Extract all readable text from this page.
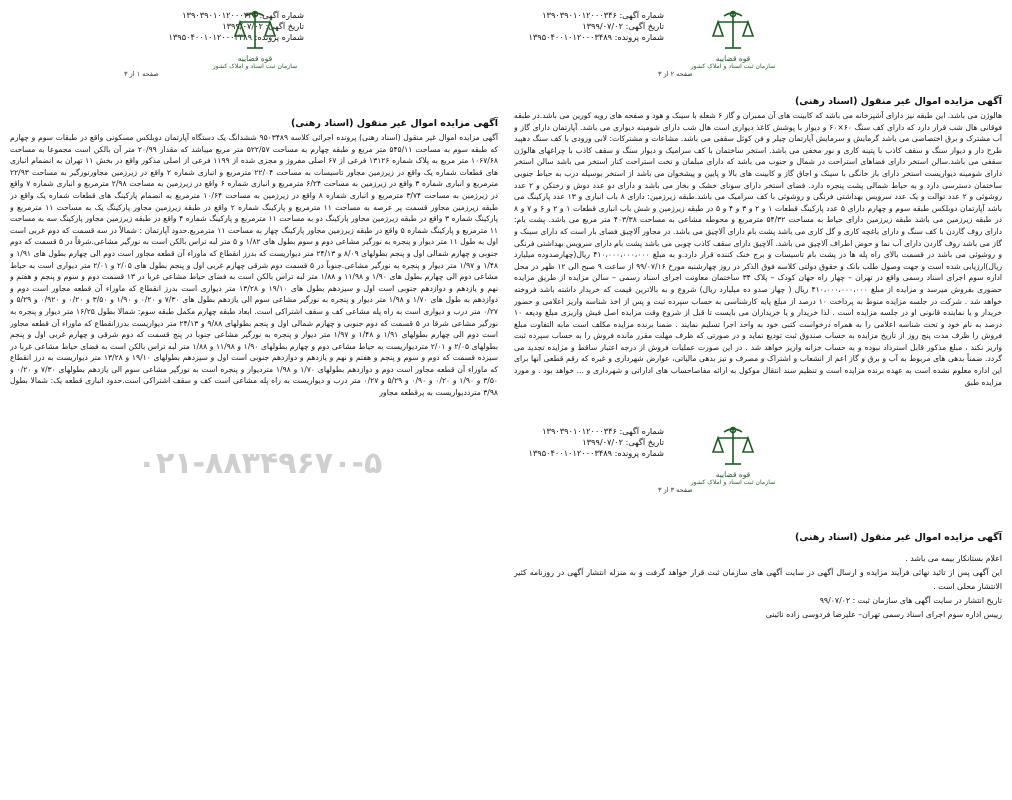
شماره آگهی: ۱۳۹۰۳۹۰۱۰۱۲۰۰۰۳۴۶
تاریخ آگهی: ۱۳۹۹/۰۷/۰۲
شماره پرونده: ۱۳۹۵۰۴۰۰۱۰۱۲۰۰۰۳۴۸۹
قوه قضاییه
سازمان ثبت اسناد و املاک کشور
صفحه ۲ از ۳
آگهی مزایده اموال غیر منقول (اسناد رهنی)
هالوژن می باشد. این طبقه نیز دارای آشپزخانه می باشد که کابینت های آن ممبران و گاز ۶ شعله با سینک و هود و صفحه های رویه کورین می باشد.در طبقه فوقانی هال شب قرار دارد که دارای کف سنگ ۶۰×۶۰ و دیوار با پوشش کاغذ دیواری است هال شب دارای شومینه دیواری می باشد. آپارتمان دارای گاز و آب مشترک و برق اختصاصی می باشد گرمایش و سرمایش آپارتمان چیلر و فن کوئل سقفی می باشد. مشاعات و مشترکات: لابی ورودی با کف سنگ دهپید طرح دار و دیوار سنگ و سقف کاذب با پتینه کاری و نور مخفی می باشد. استخر ساختمان با کف سرامیک و دیوار سنگ و سقف کاذب با چراغهای هالوژن سقفی می باشد.سالن استخر دارای فضاهای استراحت در شمال و جنوب می باشد که دارای مبلمان و تخت استراحت کنار استخر می باشد سالن استخر دارای شومینه دیواریست استخر دارای بار خانگی با سینک و اجاق گاز و کابینت های بالا و پایین و پیشخوان می باشد از استخر بوسیله درب به حیاط جنوبی ساختمان دسترسی دارد و به حیاط شمالی پشت پنجره دارد. فضای استخر دارای سونای خشک و بخار می باشد و دارای دو عدد دوش و رختکن و ۲ عدد روشوئی و ۲ عدد توالت و یک عدد سرویس بهداشتی فرنگی و روشوئی با کف سرامیک می باشد.طبقه زیرزمین: دارای ۸ باب انباری و ۱۳ عدد پارکینگ می باشد آپارتمان دوبلکس طبقه سوم و چهارم دارای ۵ عدد پارکینگ قطعات ۱ و ۲ و ۳ و ۴ و ۵ در طبقه زیرزمین و شش باب انباری قطعات ۱ و ۲ و ۶ و ۷ و ۸ در طبقه زیرزمین می باشد طبقه زیرزمین دارای حیاط به مساحت ۵۴/۳۲ مترمربع و محوطه مشاعی به مساحت ۴۰۳/۳۸ متر مربع می باشد. پشت بام: دارای روف گاردن با کف سنگ و دارای باغچه کاری و گل کاری می باشد پشت بام دارای آلاچیق می باشد. در مجاور آلاچیق فضای بار است که دارای سینک و گاز می باشد روف گاردن دارای آب نما و حوض اطراف آلاچیق می باشد. آلاچیق دارای سقف کاذب چوبی می باشد پشت بام دارای سرویس بهداشتی فرنگی و روشوئی می باشد در قسمت بالای راه پله ها در پشت بام تاسیسات و برج خنک کننده قرار دارد.و به مبلغ ۴۱۰،۰۰۰،۰۰۰،۰۰۰ ریال(چهارصدوده میلیارد ریال)ارزیابی شده است و جهت وصول طلب بانک و حقوق دولتی کلاسه فوق الذکر در روز چهارشنبه مورخ ۹۹/۰۷/۱۶ از ساعت ۹ صبح الی ۱۲ ظهر در محل اداره سوم اجرای اسناد رسمی واقع در تهران – چهار راه جهان کودک – پلاک ۳۴ ساختمان معاونت اجرای اسناد رسمی – سالن مزایده از طریق مزایده حضوری بفروش میرسد و مزایده از مبلغ ۴۱۰،۰۰۰،۰۰۰،۰۰۰ ریال ( چهار صدو ده میلیارد ریال) شروع و به بالاترین قیمت که خریدار داشته باشد فروخته خواهد شد . شرکت در جلسه مزایده منوط به پرداخت ۱۰ درصد از مبلغ پایه کارشناسی به حساب سپرده ثبت و پس از اخذ شناسه واریز اعلامی و حضور خریدار و یا نماینده قانونی او در جلسه مزایده است . لذا خریدار و یا خریداران می بایست تا قبل از شروع وقت مزایده اصل فیش واریزی مبلغ ودیعه ۱۰ درصد به نام خود و تحت شناسه اعلامی را به همراه درخواست کتبی خود به واحد اجرا تسلیم نمایند . ضمنا برنده مزایده مکلف است مابه التفاوت مبلغ فروش را ظرف مدت پنج روز از تاریخ مزایده به حساب صندوق ثبت تودیع نماید و در صورتی که ظرف مهلت مقرر مانده فروش را به حساب سپرده ثبت واریز نکند ، مبلغ مذکور قابل استرداد نبوده و به حساب خزانه واریز خواهد شد . در این صورت عملیات فروش از درجه اعتبار ساقط و مزایده تجدید می گردد. ضمناً بدهی های مربوط به آب و برق و گاز اعم از انشعاب و اشتراک و مصرف و نیز بدهی مالیاتی، عوارض شهرداری و غیره که رقم قطعی آنها برای این اداره معلوم نشده است به عهده برنده مزایده است و تنظیم سند انتقال موکول به ارائه مفاصاحساب های اداراتی و شهرداری و ... خواهد بود . و مورد مزایده طبق
شماره آگهی: ۱۳۹۰۳۹۰۱۰۱۲۰۰۰۳۴۶
تاریخ آگهی: ۱۳۹۹/۰۷/۰۲
شماره پرونده: ۱۳۹۵۰۴۰۰۱۰۱۲۰۰۰۳۴۸۹
قوه قضاییه
سازمان ثبت اسناد و املاک کشور
صفحه ۱ از ۳
آگهی مزایده اموال غیر منقول (اسناد رهنی)
آگهی مزایده اموال غیر منقول (اسناد رهنی) پرونده اجرائی کلاسه ۹۵۰۳۴۸۹ ششدانگ یک دستگاه آپارتمان دوبلکس مسکونی واقع در طبقات سوم و چهارم که طبقه سوم به مساحت ۵۴۵/۱۱ متر مربع و طبقه چهارم به مساحت ۵۲۲/۵۷ متر مربع میباشد که مقدار ۲۰/۹۹ متر آن بالکن است مجموعا به مساحت ۱۰۶۷/۶۸ متر مربع به پلاک شماره ۱۳۱۲۶ فرعی از ۶۷ اصلی مفروز و مجزی شده از ۱۱۹۹ فرعی از اصلی مذکور واقع در بخش ۱۱ تهران به انضمام انباری های قطعات شماره یک واقع در زیرزمین مجاور تاسیسات به مساحت ۲۲/۰۴ مترمربع و انباری شماره ۲ واقع در زیرزمین مجاورنورگیر به مساحت ۲۲/۹۳ مترمربع و انباری شماره ۳ واقع در زیرزمین به مساحت ۶/۲۴ مترمربع و انباری شماره ۶ واقع در زیرزمین به مساحت ۲/۹۸ مترمربع و انباری شماره ۷ واقع در زیرزمین به مساحت ۳/۷۴ مترمربع و انباری شماره ۸ واقع در زیرزمین به مساحت ۱۰/۶۴ مترمربع به انضمام پارکینگ های قطعات شماره یک واقع در طبقه زیرزمین مجاور قسمت پر عرصه به مساحت ۱۱ مترمربع و پارکینگ شماره ۲ واقع در طبقه زیرزمین مجاور پارکینگ یک به مساحت ۱۱ مترمربع و پارکینگ شماره ۳ واقع در طبقه زیرزمین مجاور پارکینگ دو به مساحت ۱۱ مترمربع و پارکینگ شماره ۴ واقع در طبقه زیرزمین مجاور پارکینگ سه به مساحت ۱۱ مترمربع و پارکینگ شماره ۵ واقع در طبقه زیرزمین مجاور پارکینگ چهار به مساحت ۱۱ مترمربع.حدود آپارتمان : شمالاً در سه قسمت که دوم غربی است اول به طول ۱۱ متر دیوار و پنجره به نورگیر مشاعی دوم و سوم بطول های ۱/۸۲ و ۵ متر لبه تراس بالکن است به نورگیر مشاعی.شرقاً در ۵ قسمت که دوم جنوبی و چهارم شمالی اول و پنجم بطولهای ۸/۰۹ و ۲۴/۱۳ متر دیواریست که بدرز انقطاع که ماوراء آن قطعه مجاور است دوم الی چهارم بطول های ۱/۹۱ و ۱/۴۸ و ۱/۹۷ متر دیوار و پنجره به نورگیر مشاعی.جنوباً در ۵ قسمت دوم شرقی چهارم غربی اول و پنجم بطول های ۲/۰۵ و ۲/۰۱ متر دیواری است به حیاط مشاعی دوم الی چهارم بطول های ۱/۹۰ و ۱۱/۹۸ و ۱/۸۸ متر لبه تراس بالکن است به فضای حیاط مشاعی غربا در ۱۳ قسمت دوم و سوم و پنجم و هفتم و نهم و یازدهم و دوازدهم جنوبی است اول و سیزدهم بطول های ۱۹/۱۰ و ۱۳/۲۸ متر دیواری است بدرز انقطاع که ماوراء آن قطعه مجاور است دوم و دوازدهم به طول های ۱/۷۰ و ۱/۹۸ متر دیوار و پنجره به نورگیر مشاعی سوم الی یازدهم بطول های ۷/۳۰ و ۰/۲۰ و ۱/۹۰ و ۳/۵۰ و ۰/۲۰ و ۰/۹۲۰ و ۵/۲۹ و ۰/۲۷ متر درب و دیواری است به راه پله مشاعی کف و سقف اشتراکی است. ابعاد طبقه چهارم مکمل طبقه سوم: شمالا بطول ۱۶/۲۵ متر دیوار و پنجره به نورگیر مشاعی شرقا در ۵ قسمت که دوم جنوبی و چهارم شمالی اول و پنجم بطولهای ۹/۸۸ و ۲۴/۱۳ متر دیواریست بدرزانقطاع که ماوراء آن قطعه مجاور است دوم الی چهارم بطولهای ۱/۹۱ و ۱/۴۸ و ۱/۹۷ متر دیوار و پنجره به نورگیر مشاعی جنوبا در پنج قسمت که دوم شرقی و چهارم غربی اول و پنجم بطولهای ۲/۰۵ و ۲/۰۱ متردیواریست به حیاط مشاعی دوم و چهارم بطولهای ۱/۹۰ و ۱۱/۹۸ و ۱/۸۸ متر لبه تراس بالکن است به فضای حیاط مشاعی غربا در سیزده قسمت که دوم و سوم و پنجم و هفتم و نهم و یازدهم و دوازدهم جنوبی است اول و سیزدهم بطولهای ۱۹/۱۰ و ۱۳/۲۸ متر دیواریست به درز انقطاع که ماوراء آن قطعه مجاور است دوم و دوازدهم بطولهای ۱/۷۰ و ۱/۹۸ متردیوار و پنجره است به نورگیر مشاعی سوم الی یازدهم بطولهای ۷/۳۰ و ۰/۲۰ و ۳/۵۰ و ۱/۹۰ و ۰/۲۰ و ۰/۹۰ و ۵/۲۹ و ۰/۲۷ متر درب و دیواریست به راه پله مشاعی است کف و سقف اشتراکی است.حدود انباری قطعه یک: شمالا بطول ۳/۹۸ مترددیواریست به پرقطعه مجاور
۰۲۱-۸۸۳۴۹۶۷۰-۵
شماره آگهی: ۱۳۹۰۳۹۰۱۰۱۲۰۰۰۳۴۶
تاریخ آگهی: ۱۳۹۹/۰۷/۰۲
شماره پرونده: ۱۳۹۵۰۴۰۰۱۰۱۲۰۰۰۳۴۸۹
قوه قضاییه
سازمان ثبت اسناد و املاک کشور
صفحه ۳ از ۳
آگهی مزایده اموال غیر منقول (اسناد رهنی)
اعلام بستانکار بیمه می باشد .
این آگهی پس از تائید نهائی فرآیند مزایده و ارسال آگهی در سایت آگهی های سازمان ثبت قرار خواهد گرفت و به منزله انتشار آگهی در روزنامه کثیر الانتشار محلی است .
تاریخ انتشار در سایت آگهی های سازمان ثبت : ۹۹/۰۷/۰۲
رییس اداره سوم اجرای اسناد رسمی تهران– علیرضا فردوسی زاده نائینی
